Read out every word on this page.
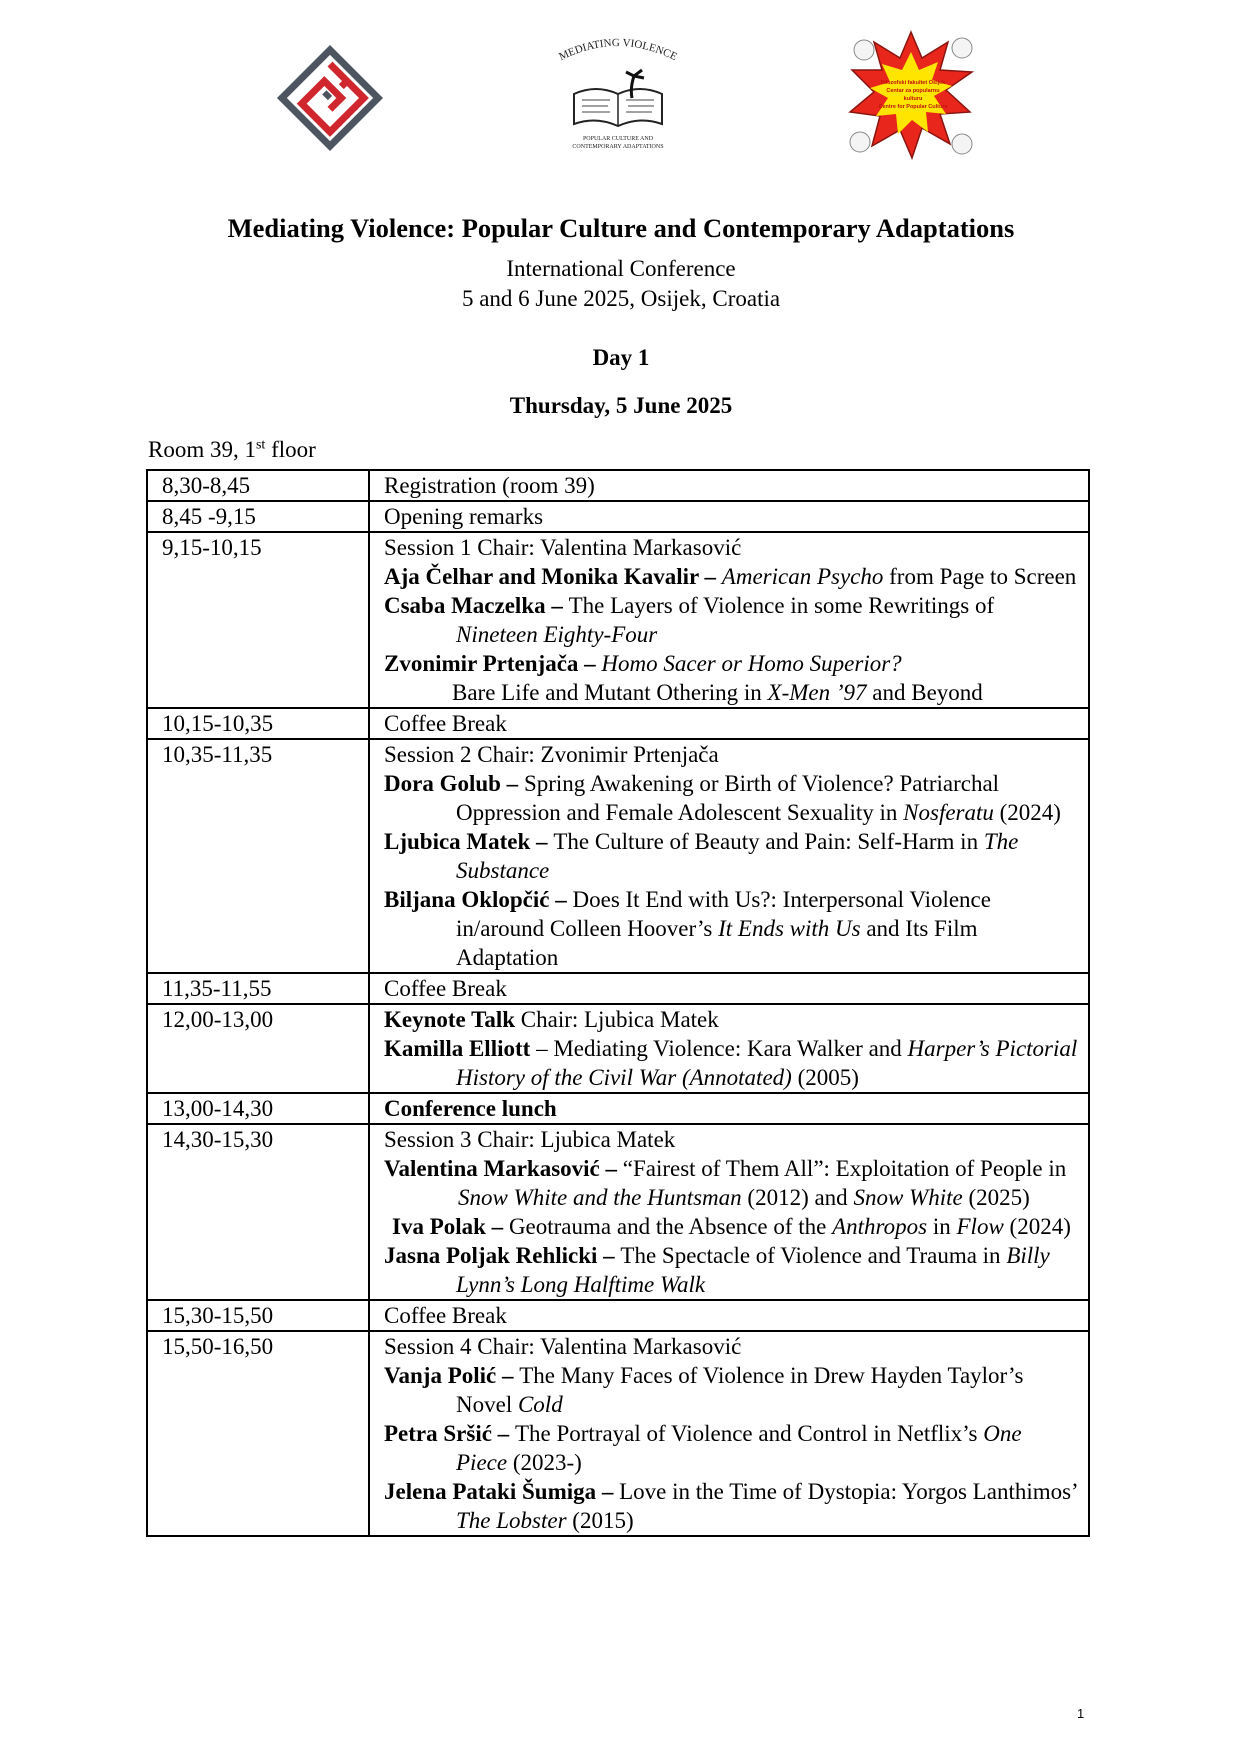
MEDIATING VIOLENCE
POPULAR CULTURE AND
CONTEMPORARY ADAPTATIONS
Filozofski fakultet Osijek
Centar za popularnu
kulturu
Centre for Popular Culture
Mediating Violence: Popular Culture and Contemporary Adaptations
International Conference
5 and 6 June 2025, Osijek, Croatia
Day 1
Thursday, 5 June 2025
Room 39, 1st floor
8,30-8,45	Registration (room 39)
8,45 -9,15	Opening remarks
9,15-10,15	Session 1 Chair: Valentina Markasović

Aja Čelhar and Monika Kavalir – American Psycho from Page to Screen

Csaba Maczelka – The Layers of Violence in some Rewritings of Nineteen Eighty-Four

Zvonimir Prtenjača – Homo Sacer or Homo Superior?

Bare Life and Mutant Othering in X-Men ’97 and Beyond

10,15-10,35	Coffee Break
10,35-11,35	Session 2 Chair: Zvonimir Prtenjača

Dora Golub – Spring Awakening or Birth of Violence? Patriarchal Oppression and Female Adolescent Sexuality in Nosferatu (2024)

Ljubica Matek – The Culture of Beauty and Pain: Self-Harm in The Substance

Biljana Oklopčić – Does It End with Us?: Interpersonal Violence in/around Colleen Hoover’s It Ends with Us and Its Film Adaptation

11,35-11,55	Coffee Break
12,00-13,00	Keynote Talk Chair: Ljubica Matek

Kamilla Elliott – Mediating Violence: Kara Walker and Harper’s Pictorial History of the Civil War (Annotated) (2005)

13,00-14,30	Conference lunch
14,30-15,30	Session 3 Chair: Ljubica Matek

Valentina Markasović – “Fairest of Them All”: Exploitation of People in Snow White and the Huntsman (2012) and Snow White (2025)

Iva Polak – Geotrauma and the Absence of the Anthropos in Flow (2024)

Jasna Poljak Rehlicki – The Spectacle of Violence and Trauma in Billy Lynn’s Long Halftime Walk

15,30-15,50	Coffee Break
15,50-16,50	Session 4 Chair: Valentina Markasović

Vanja Polić – The Many Faces of Violence in Drew Hayden Taylor’s Novel Cold

Petra Sršić – The Portrayal of Violence and Control in Netflix’s One Piece (2023-)

Jelena Pataki Šumiga – Love in the Time of Dystopia: Yorgos Lanthimos’ The Lobster (2015)

1
